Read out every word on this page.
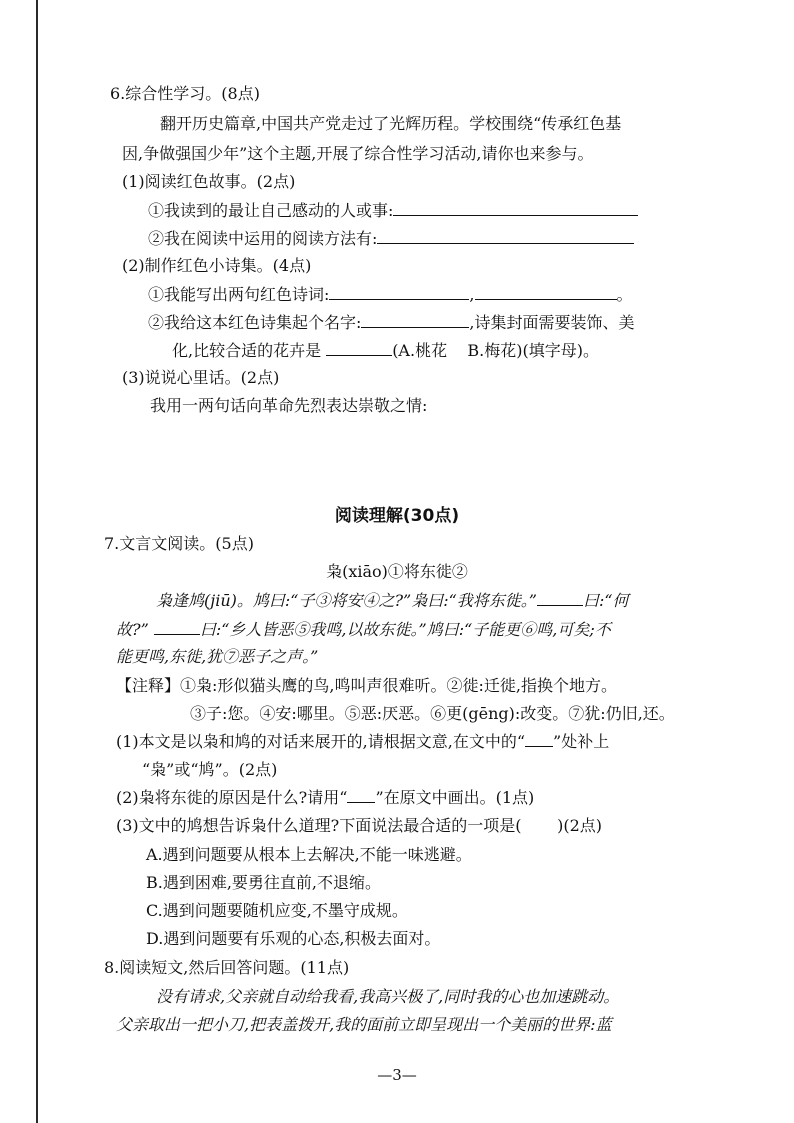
6.综合性学习。(8点)
翻开历史篇章,中国共产党走过了光辉历程。学校围绕“传承红色基
因,争做强国少年”这个主题,开展了综合性学习活动,请你也来参与。
(1)阅读红色故事。(2点)
①我读到的最让自己感动的人或事:
②我在阅读中运用的阅读方法有:
(2)制作红色小诗集。(4点)
①我能写出两句红色诗词:	,	。
②我给这本红色诗集起个名字:	,诗集封面需要装饰、美
化,比较合适的花卉是	(A.桃花 B.梅花)(填字母)。
(3)说说心里话。(2点)
我用一两句话向革命先烈表达崇敬之情:
阅读理解(30点)
7.文言文阅读。(5点)
枭(xiāo)①将东徙②
枭逢鸠(jiū)。鸠曰:“子③将安④之?”枭曰:“我将东徙。”	曰:“何
故?”	曰:“乡人皆恶⑤我鸣,以故东徙。”鸠曰:“子能更⑥鸣,可矣;不
能更鸣,东徙,犹⑦恶子之声。”
【注释】①枭:形似猫头鹰的鸟,鸣叫声很难听。②徙:迁徙,指换个地方。
③子:您。④安:哪里。⑤恶:厌恶。⑥更(gēng):改变。⑦犹:仍旧,还。
(1)本文是以枭和鸠的对话来展开的,请根据文意,在文中的“ ”处补上
“枭”或“鸠”。(2点)
(2)枭将东徙的原因是什么?请用“ ”在原文中画出。(1点)
(3)文中的鸠想告诉枭什么道理?下面说法最合适的一项是( )(2点)
A.遇到问题要从根本上去解决,不能一味逃避。
B.遇到困难,要勇往直前,不退缩。
C.遇到问题要随机应变,不墨守成规。
D.遇到问题要有乐观的心态,积极去面对。
8.阅读短文,然后回答问题。(11点)
没有请求,父亲就自动给我看,我高兴极了,同时我的心也加速跳动。
父亲取出一把小刀,把表盖拨开,我的面前立即呈现出一个美丽的世界:蓝
—3—
